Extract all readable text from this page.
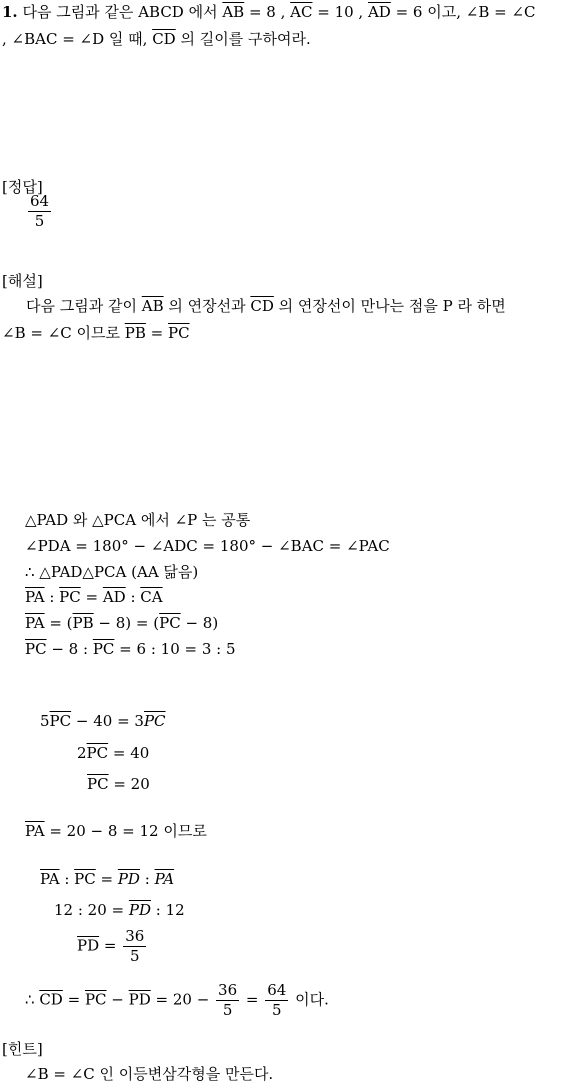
1. 다음 그림과 같은 ABCD 에서 $\overline{AB} = 8$ , $\overline{AC} = 10$ , $\overline{AD} = 6$ 이고, ∠B = ∠C
, ∠BAC = ∠D 일 때, $\overline{CD}$ 의 길이를 구하여라.
[정답]
$\frac{64}{5}$
[해설]
다음 그림과 같이 $\overline{AB}$ 의 연장선과 $\overline{CD}$ 의 연장선이 만나는 점을 P 라 하면
∠B = ∠C 이므로 $\overline{PB} = \overline{PC}$
△PAD 와 △PCA 에서 ∠P 는 공통
∠PDA = 180° − ∠ADC = 180° − ∠BAC = ∠PAC
∴ △PAD△PCA (AA 닮음)
$\overline{PA}$ : $\overline{PC} = \overline{AD}$ : $\overline{CA}$
$\overline{PA} = (\overline{PB} - 8) = (\overline{PC} - 8)$
$\overline{PC} - 8$ : $\overline{PC} = 6$ : 10 = 3 : 5
$5\overline{PC} - 40 = 3\overline{PC}$
$2\overline{PC} = 40$
$\overline{PC} = 20$
$\overline{PA} = 20 - 8 = 12$ 이므로
$\overline{PA}$ : $\overline{PC} = \overline{PD}$ : $\overline{PA}$
12 : $20 = \overline{PD}$ : 12
$\overline{PD} = \frac{36}{5}$
∴ $\overline{CD} = \overline{PC} - \overline{PD} = 20 - \frac{36}{5} = \frac{64}{5}$ 이다.
[힌트]
∠B = ∠C 인 이등변삼각형을 만든다.
